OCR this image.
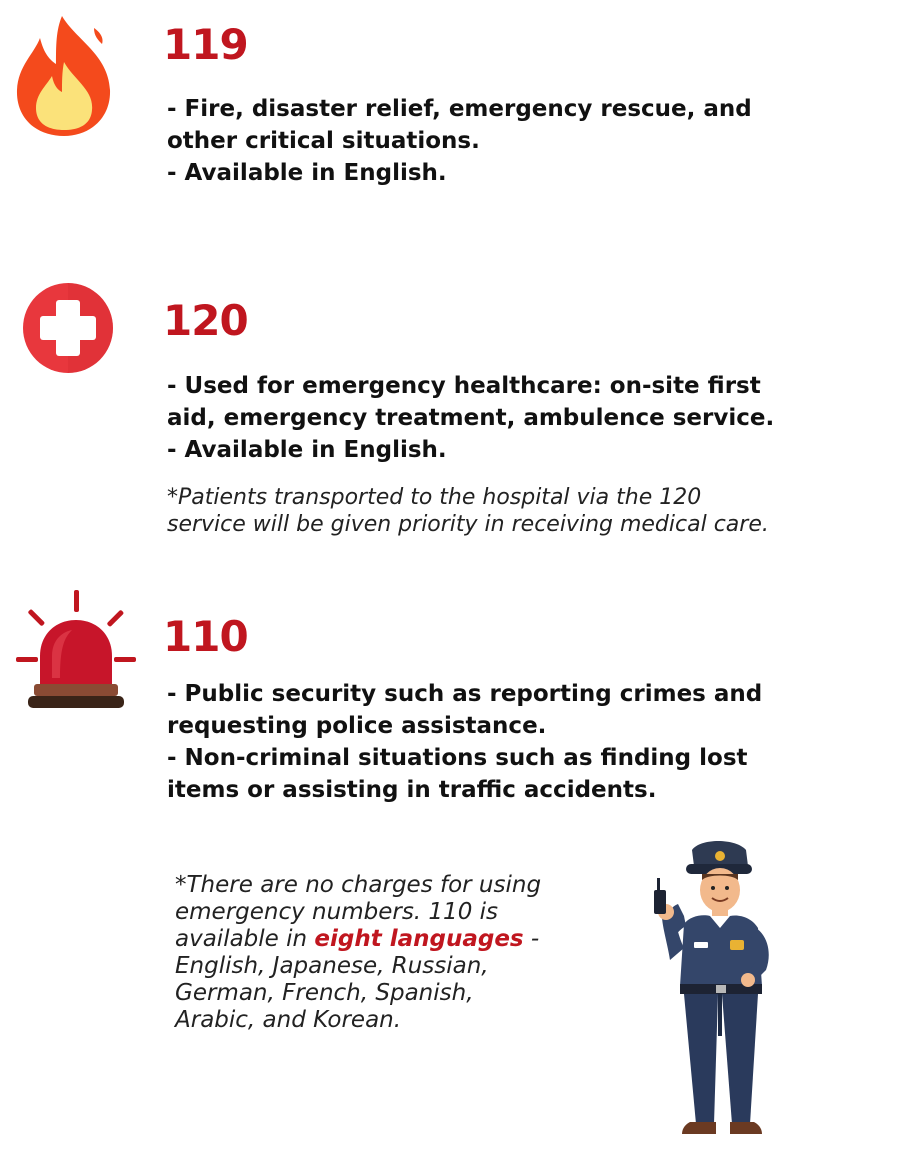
119
- Fire, disaster relief, emergency rescue, and
other critical situations.
- Available in English.
120
- Used for emergency healthcare: on-site first
aid, emergency treatment, ambulence service.
- Available in English.
*Patients transported to the hospital via the 120
service will be given priority in receiving medical care.
110
- Public security such as reporting crimes and
requesting police assistance.
- Non-criminal situations such as finding lost
items or assisting in traffic accidents.
*There are no charges for using
emergency numbers. 110 is
available in eight languages -
English, Japanese, Russian,
German, French, Spanish,
Arabic, and Korean.
